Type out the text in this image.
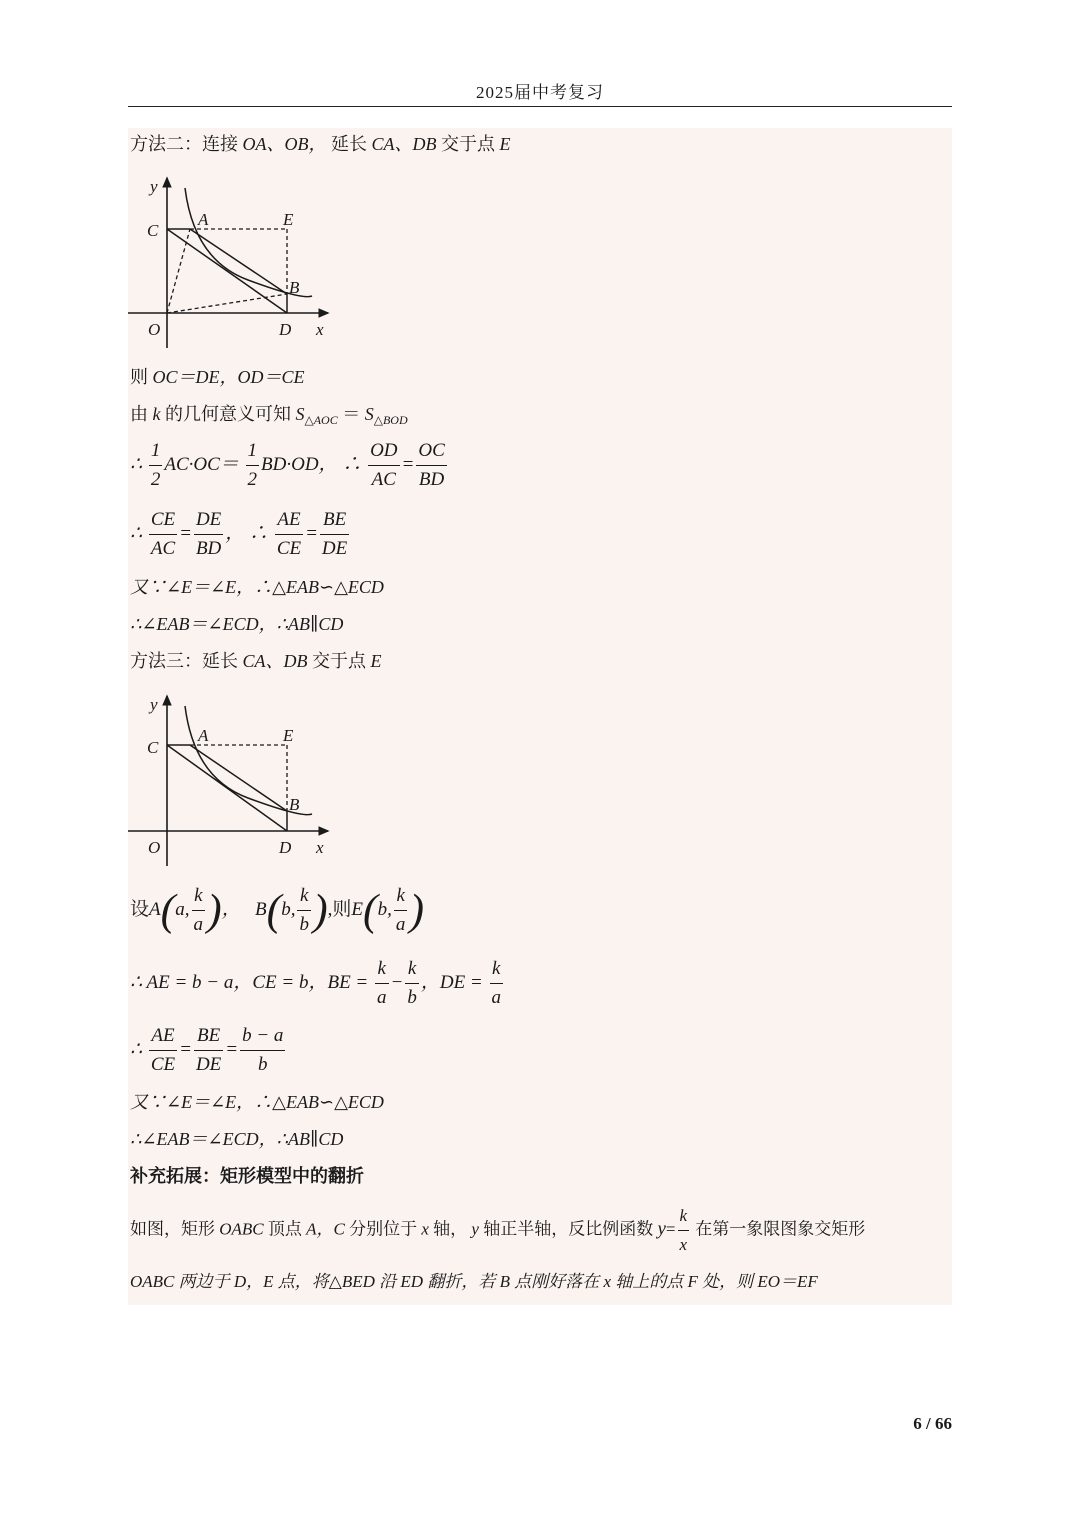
2025届中考复习
方法二：连接 OA、OB， 延长 CA、DB 交于点 E
y
C
A	E
B
O	D x
则 OC＝DE，OD＝CE
由 k 的几何意义可知 $S_{\triangle AOC} = S_{\triangle BOD}$
∴ $\frac{1}{2} AC\cdot OC= \frac{1}{2} BD\cdot OD$， ∴ $\frac{OD}{AC} = \frac{OC}{BD}$
∴ $\frac{CE}{AC} = \frac{DE}{BD}$ ， ∴ $\frac{AE}{CE} = \frac{BE}{DE}$
又∵∠E＝∠E，∴△EAB∽△ECD
∴∠EAB＝∠ECD，∴AB∥CD
方法三：延长 CA、DB 交于点 E
y
C
A	E
B
O	D x
设A(a, $\frac{k}{a}$ )，   B(b, $\frac{k}{b}$ ),则E(b, $\frac{k}{a}$ )
∴ AE = b − a，CE = b，BE = $\frac{k}{a} - \frac{k}{b}$ ，DE = $\frac{k}{a}$
∴ $\frac{AE}{CE} = \frac{BE}{DE} = \frac{b - a}{b}$
又∵∠E＝∠E，∴△EAB∽△ECD
∴∠EAB＝∠ECD，∴AB∥CD
补充拓展：矩形模型中的翻折
如图，矩形 OABC 顶点 A，C 分别位于 x 轴， y 轴正半轴，反比例函数 $y= \frac{k}{x}$ 在第一象限图象交矩形
OABC 两边于 D，E 点，将△BED 沿 ED 翻折，若 B 点刚好落在 x 轴上的点 F 处，则 EO＝EF
6 / 66
